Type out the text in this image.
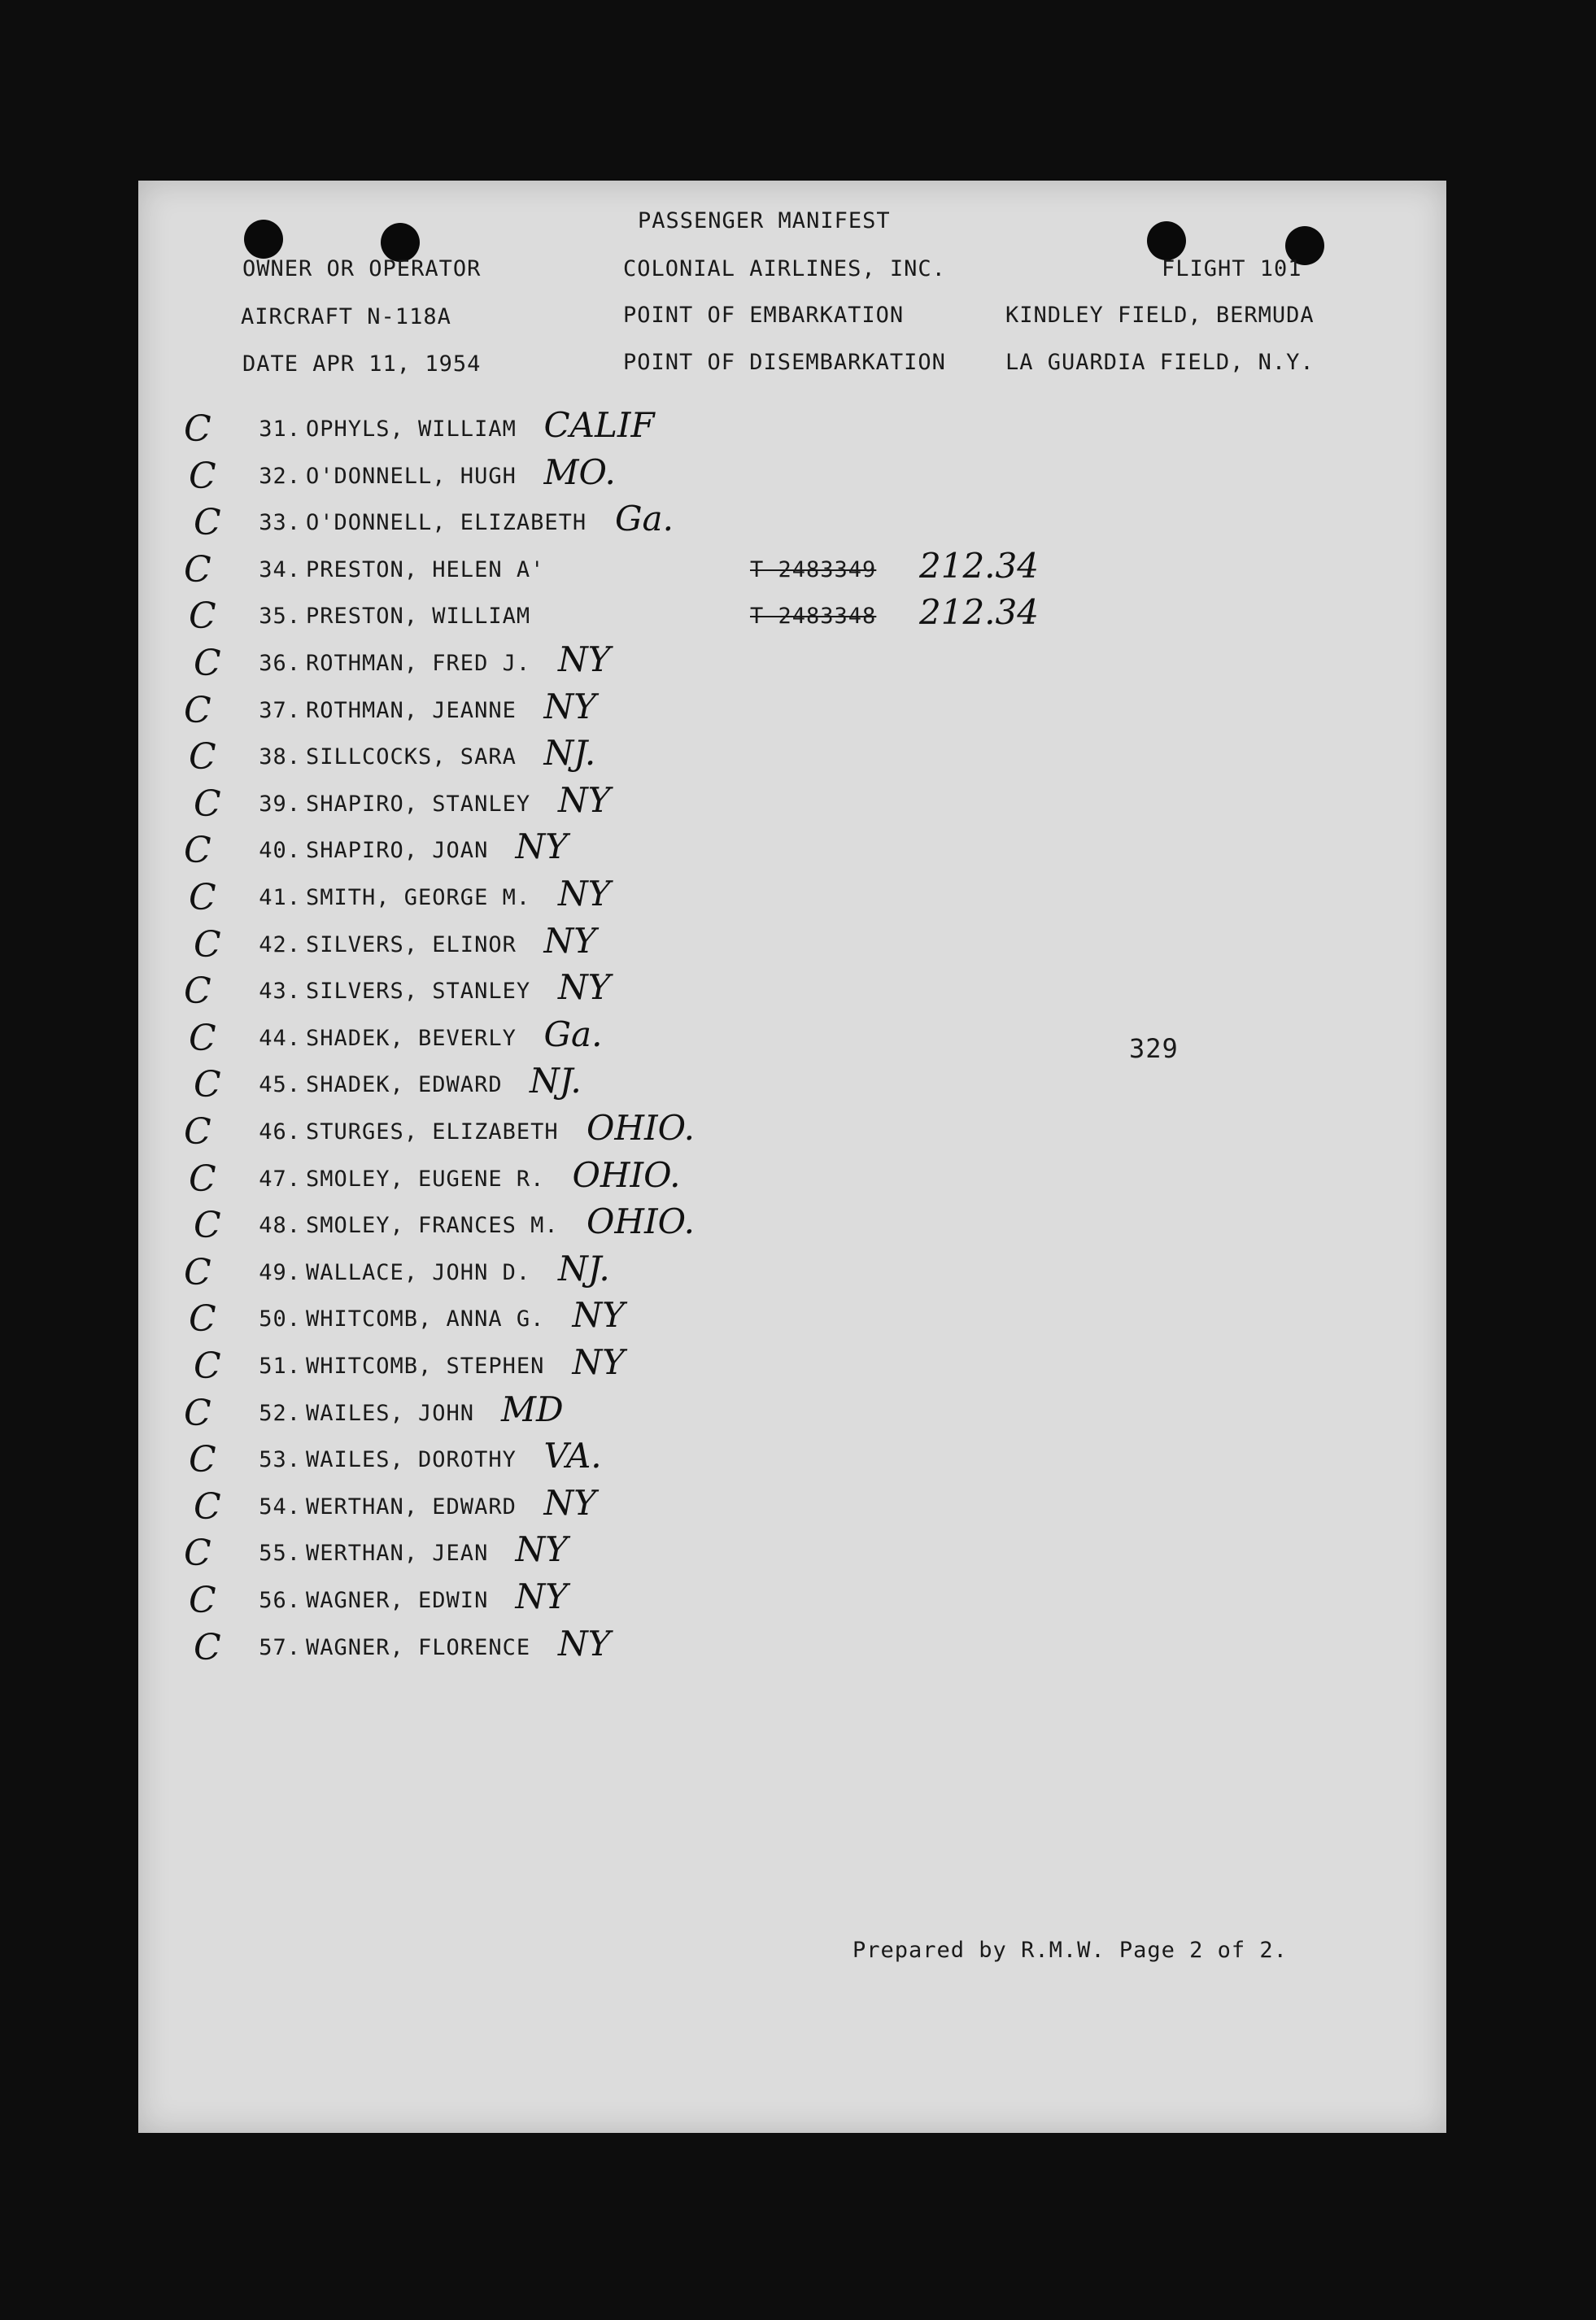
PASSENGER MANIFEST
OWNER OR OPERATOR	COLONIAL AIRLINES, INC.	FLIGHT 101
AIRCRAFT N-118A	POINT OF EMBARKATION	KINDLEY FIELD, BERMUDA
DATE APR 11, 1954	POINT OF DISEMBARKATION	LA GUARDIA FIELD, N.Y.
C	31. OPHYLS, WILLIAM CALIF
C	32. O'DONNELL, HUGH MO.
C	33. O'DONNELL, ELIZABETH Ga.
C	34. PRESTON, HELEN A'	T 2483349 212.34
C	35. PRESTON, WILLIAM	T 2483348 212.34
C	36. ROTHMAN, FRED J. NY
C	37. ROTHMAN, JEANNE NY
C	38. SILLCOCKS, SARA NJ.
C	39. SHAPIRO, STANLEY NY
C	40. SHAPIRO, JOAN NY
C	41. SMITH, GEORGE M. NY
C	42. SILVERS, ELINOR NY
C	43. SILVERS, STANLEY NY
C	44. SHADEK, BEVERLY Ga.
C	45. SHADEK, EDWARD NJ.
C	46. STURGES, ELIZABETH OHIO.
C	47. SMOLEY, EUGENE R. OHIO.
C	48. SMOLEY, FRANCES M. OHIO.
C	49. WALLACE, JOHN D. NJ.
C	50. WHITCOMB, ANNA G. NY
C	51. WHITCOMB, STEPHEN NY
C	52. WAILES, JOHN MD
C	53. WAILES, DOROTHY VA.
C	54. WERTHAN, EDWARD NY
C	55. WERTHAN, JEAN NY
C	56. WAGNER, EDWIN NY
C	57. WAGNER, FLORENCE NY
329
Prepared by R.M.W. Page 2 of 2.
